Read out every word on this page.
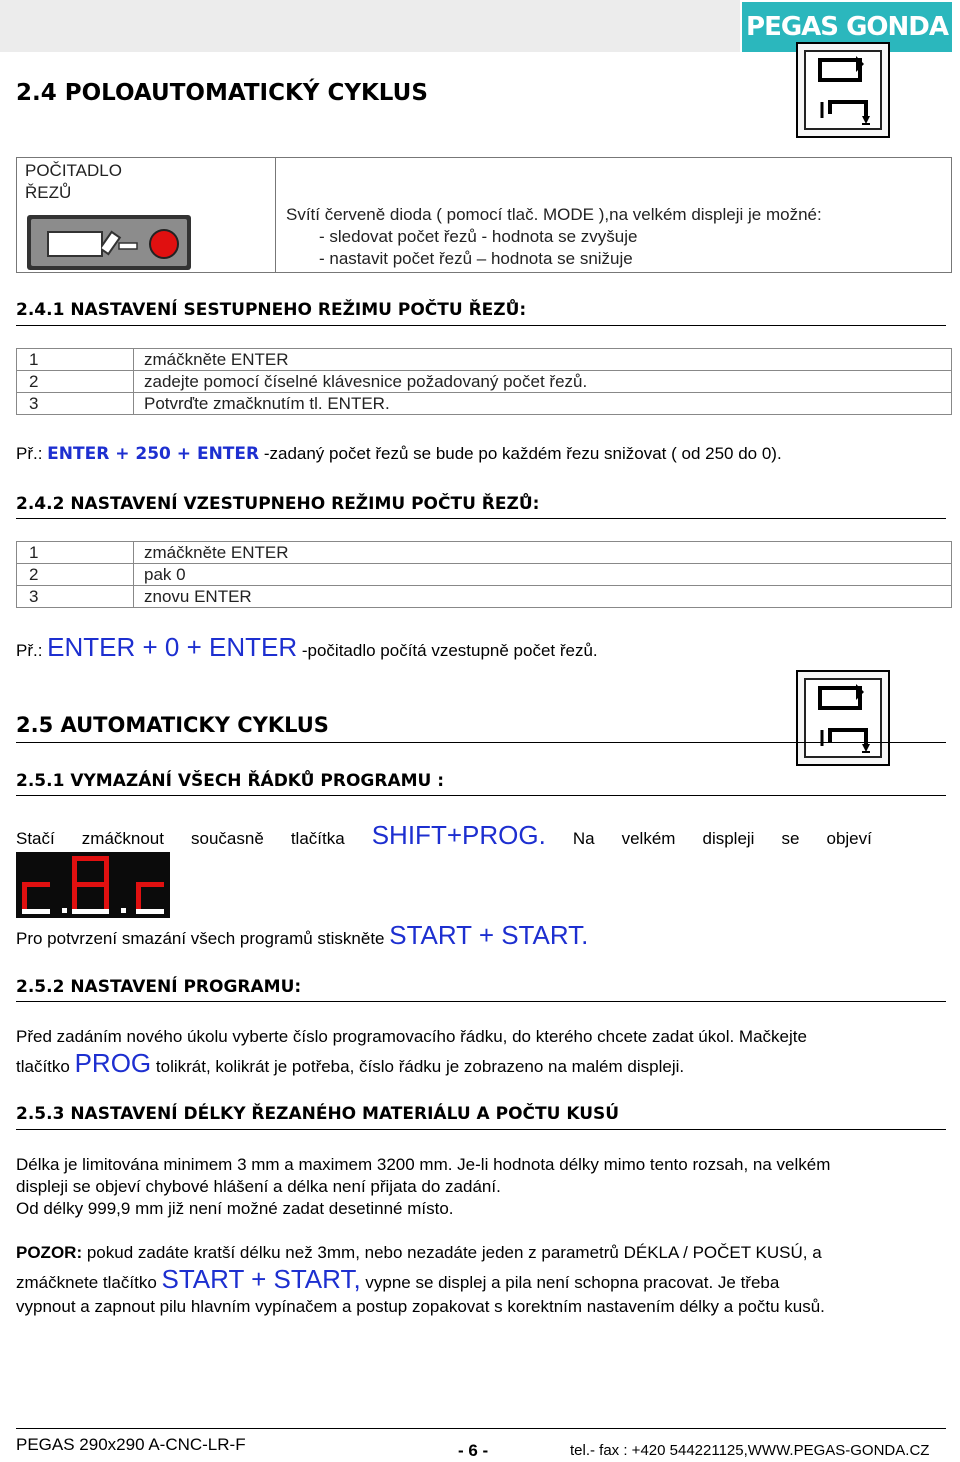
PEGAS GONDA
2.4 POLOAUTOMATICKÝ CYKLUS
POČITADLO
ŘEZŮ
Svítí červeně dioda ( pomocí tlač. MODE ),na velkém displeji je možné:
- sledovat počet řezů - hodnota se zvyšuje
- nastavit počet řezů – hodnota se snižuje
2.4.1 NASTAVENÍ SESTUPNEHO REŽIMU POČTU ŘEZŮ:
1	zmáčkněte ENTER
2	zadejte pomocí číselné klávesnice požadovaný počet řezů.
3	Potvrďte zmačknutím tl. ENTER.
Př.: ENTER + 250 + ENTER -zadaný počet řezů se bude po každém řezu snižovat ( od 250 do 0).
2.4.2 NASTAVENÍ VZESTUPNEHO REŽIMU POČTU ŘEZŮ:
1	zmáčkněte ENTER
2	pak 0
3	znovu ENTER
Př.: ENTER + 0 + ENTER -počitadlo počítá vzestupně počet řezů.
2.5 AUTOMATICKY CYKLUS
2.5.1 VYMAZÁNÍ VŠECH ŘÁDKŮ PROGRAMU :
Stačí zmáčknout současně tlačítka SHIFT+PROG. Na velkém displeji se objeví
Pro potvrzení smazání všech programů stiskněte START + START.
2.5.2 NASTAVENÍ PROGRAMU:
Před zadáním nového úkolu vyberte číslo programovacího řádku, do kterého chcete zadat úkol. Mačkejte
tlačítko PROG tolikrát, kolikrát je potřeba, číslo řádku je zobrazeno na malém displeji.
2.5.3 NASTAVENÍ DÉLKY ŘEZANÉHO MATERIÁLU A POČTU KUSÚ
Délka je limitována minimem 3 mm a maximem 3200 mm. Je-li hodnota délky mimo tento rozsah, na velkém
displeji se objeví chybové hlášení a délka není přijata do zadání.
Od délky 999,9 mm již není možné zadat desetinné místo.
POZOR: pokud zadáte kratší délku než 3mm, nebo nezadáte jeden z parametrů DÉKLA / POČET KUSÚ, a
zmáčknete tlačítko START + START, vypne se displej a pila není schopna pracovat. Je třeba
vypnout a zapnout pilu hlavním vypínačem a postup zopakovat s korektním nastavením délky a počtu kusů.
PEGAS 290x290 A-CNC-LR-F	- 6 -	tel.- fax : +420 544221125,WWW.PEGAS-GONDA.CZ
